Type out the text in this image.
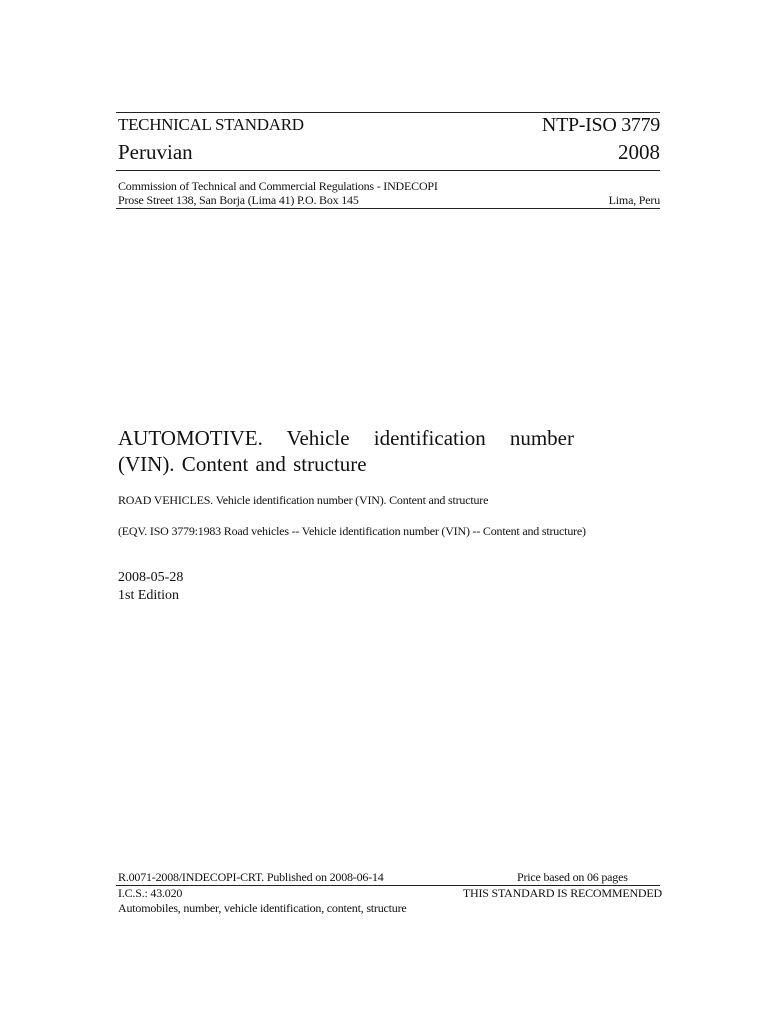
TECHNICAL STANDARD	NTP-ISO 3779
Peruvian	2008
Commission of Technical and Commercial Regulations - INDECOPI
Prose Street 138, San Borja (Lima 41) P.O. Box 145	Lima, Peru
AUTOMOTIVE. Vehicle identification number (VIN). Content and structure
ROAD VEHICLES. Vehicle identification number (VIN). Content and structure
(EQV. ISO 3779:1983 Road vehicles -- Vehicle identification number (VIN) -- Content and structure)
2008-05-28
1st Edition
R.0071-2008/INDECOPI-CRT. Published on 2008-06-14	Price based on 06 pages
I.C.S.: 43.020	THIS STANDARD IS RECOMMENDED
Automobiles, number, vehicle identification, content, structure
